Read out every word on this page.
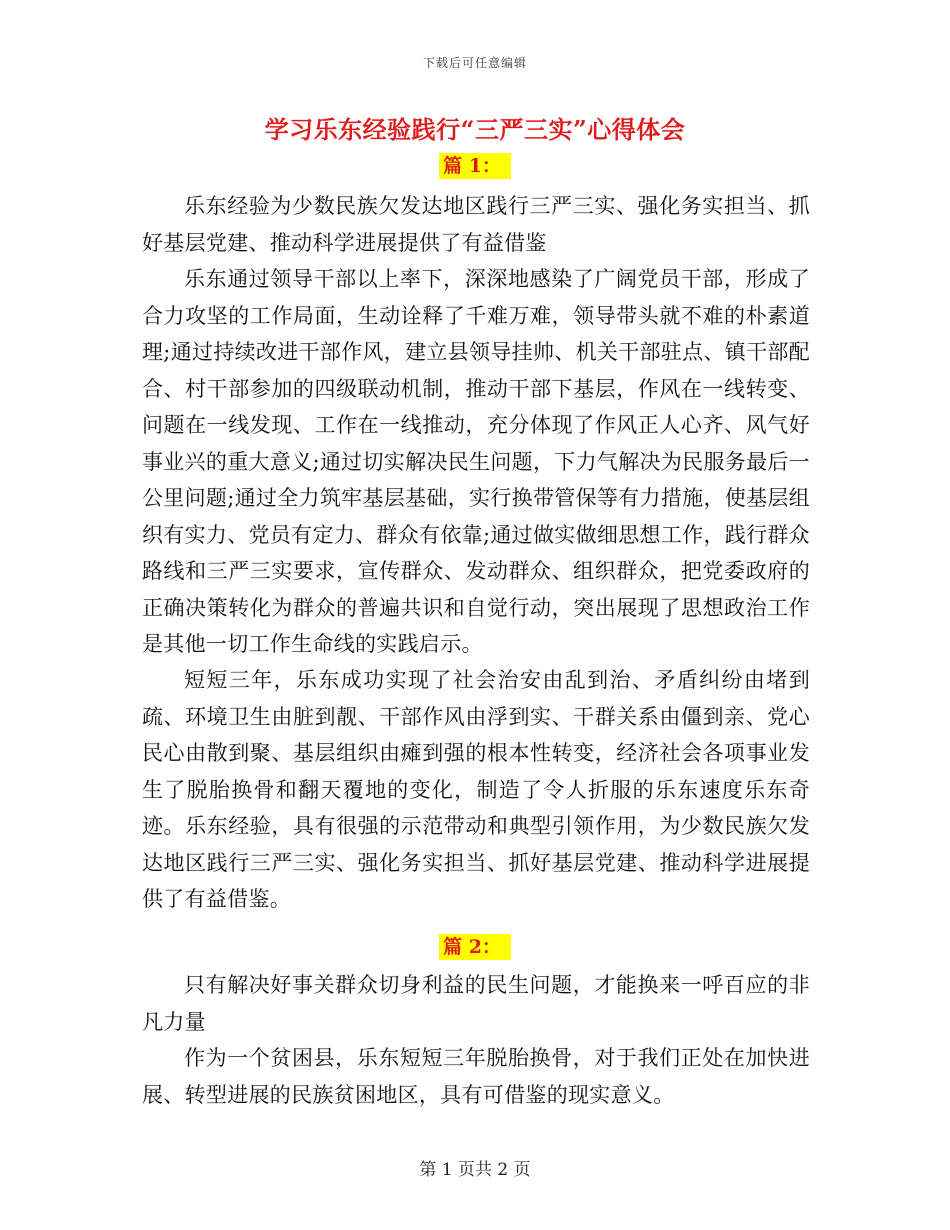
下载后可任意编辑
学习乐东经验践行“三严三实”心得体会
篇 1：

乐东经验为少数民族欠发达地区践行三严三实、强化务实担当、抓好基层党建、推动科学进展提供了有益借鉴

乐东通过领导干部以上率下，深深地感染了广阔党员干部，形成了合力攻坚的工作局面，生动诠释了千难万难，领导带头就不难的朴素道理;通过持续改进干部作风，建立县领导挂帅、机关干部驻点、镇干部配合、村干部参加的四级联动机制，推动干部下基层，作风在一线转变、问题在一线发现、工作在一线推动，充分体现了作风正人心齐、风气好事业兴的重大意义;通过切实解决民生问题，下力气解决为民服务最后一公里问题;通过全力筑牢基层基础，实行换带管保等有力措施，使基层组织有实力、党员有定力、群众有依靠;通过做实做细思想工作，践行群众路线和三严三实要求，宣传群众、发动群众、组织群众，把党委政府的正确决策转化为群众的普遍共识和自觉行动，突出展现了思想政治工作是其他一切工作生命线的实践启示。

短短三年，乐东成功实现了社会治安由乱到治、矛盾纠纷由堵到疏、环境卫生由脏到靓、干部作风由浮到实、干群关系由僵到亲、党心民心由散到聚、基层组织由瘫到强的根本性转变，经济社会各项事业发生了脱胎换骨和翻天覆地的变化，制造了令人折服的乐东速度乐东奇迹。乐东经验，具有很强的示范带动和典型引领作用，为少数民族欠发达地区践行三严三实、强化务实担当、抓好基层党建、推动科学进展提供了有益借鉴。

篇 2：

只有解决好事关群众切身利益的民生问题，才能换来一呼百应的非凡力量

作为一个贫困县，乐东短短三年脱胎换骨，对于我们正处在加快进展、转型进展的民族贫困地区，具有可借鉴的现实意义。

第 1 页共 2 页
